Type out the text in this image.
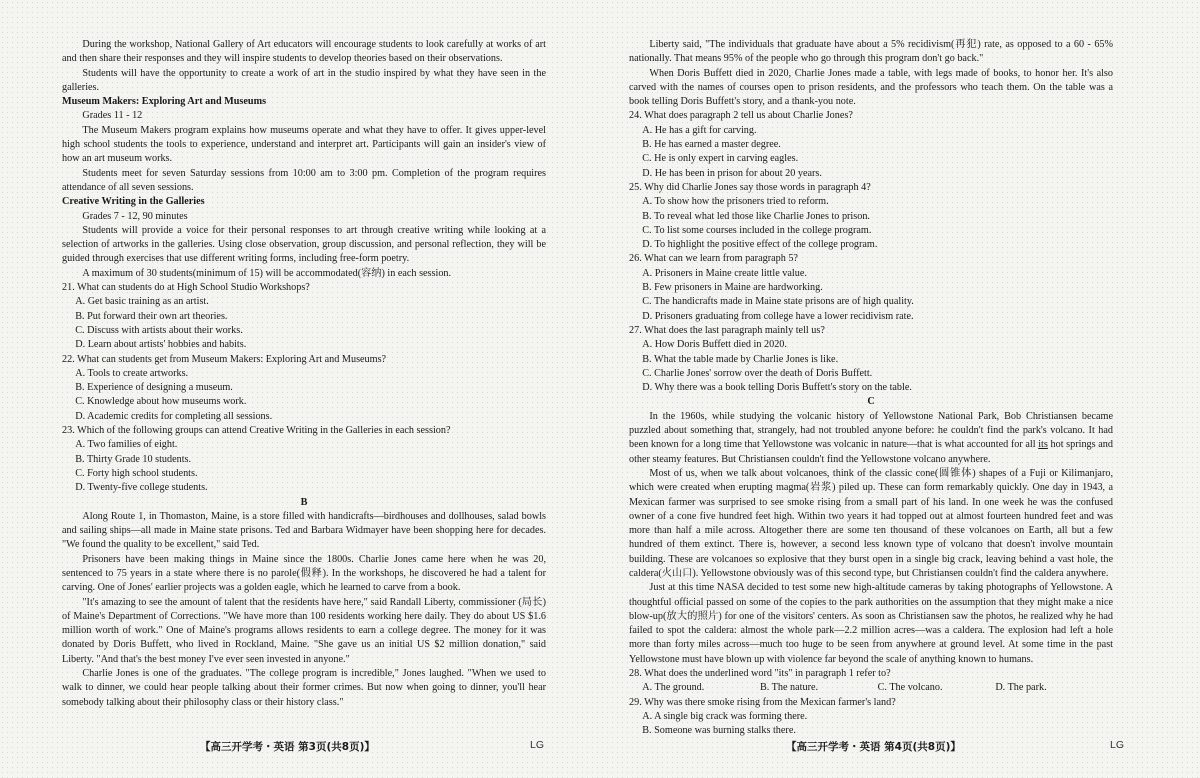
During the workshop, National Gallery of Art educators will encourage students to look carefully at works of art and then share their responses and they will inspire students to develop theories based on their observations.

Students will have the opportunity to create a work of art in the studio inspired by what they have seen in the galleries.

Museum Makers: Exploring Art and Museums

Grades 11 - 12

The Museum Makers program explains how museums operate and what they have to offer. It gives upper-level high school students the tools to experience, understand and interpret art. Participants will gain an insider's view of how an art museum works.

Students meet for seven Saturday sessions from 10:00 am to 3:00 pm. Completion of the program requires attendance of all seven sessions.

Creative Writing in the Galleries

Grades 7 - 12, 90 minutes

Students will provide a voice for their personal responses to art through creative writing while looking at a selection of artworks in the galleries. Using close observation, group discussion, and personal reflection, they will be guided through exercises that use different writing forms, including free-form poetry.

A maximum of 30 students(minimum of 15) will be accommodated(容纳) in each session.

21. What can students do at High School Studio Workshops?

A. Get basic training as an artist.

B. Put forward their own art theories.

C. Discuss with artists about their works.

D. Learn about artists' hobbies and habits.

22. What can students get from Museum Makers: Exploring Art and Museums?

A. Tools to create artworks.

B. Experience of designing a museum.

C. Knowledge about how museums work.

D. Academic credits for completing all sessions.

23. Which of the following groups can attend Creative Writing in the Galleries in each session?

A. Two families of eight.

B. Thirty Grade 10 students.

C. Forty high school students.

D. Twenty-five college students.

B

Along Route 1, in Thomaston, Maine, is a store filled with handicrafts—birdhouses and dollhouses, salad bowls and sailing ships—all made in Maine state prisons. Ted and Barbara Widmayer have been shopping here for decades. "We found the quality to be excellent," said Ted.

Prisoners have been making things in Maine since the 1800s. Charlie Jones came here when he was 20, sentenced to 75 years in a state where there is no parole(假释). In the workshops, he discovered he had a talent for carving. One of Jones' earlier projects was a golden eagle, which he learned to carve from a book.

"It's amazing to see the amount of talent that the residents have here," said Randall Liberty, commissioner (局长) of Maine's Department of Corrections. "We have more than 100 residents working here daily. They do about US $1.6 million worth of work." One of Maine's programs allows residents to earn a college degree. The money for it was donated by Doris Buffett, who lived in Rockland, Maine. "She gave us an initial US $2 million donation," said Liberty. "And that's the best money I've ever seen invested in anyone."

Charlie Jones is one of the graduates. "The college program is incredible," Jones laughed. "When we used to walk to dinner, we could hear people talking about their former crimes. But now when going to dinner, you'll hear somebody talking about their philosophy class or their history class."

【高三开学考・英语 第3页(共8页)】	LG

Liberty said, "The individuals that graduate have about a 5% recidivism(再犯) rate, as opposed to a 60 - 65% nationally. That means 95% of the people who go through this program don't go back."

When Doris Buffett died in 2020, Charlie Jones made a table, with legs made of books, to honor her. It's also carved with the names of courses open to prison residents, and the professors who teach them. On the table was a book telling Doris Buffett's story, and a thank-you note.

24. What does paragraph 2 tell us about Charlie Jones?

A. He has a gift for carving.

B. He has earned a master degree.

C. He is only expert in carving eagles.

D. He has been in prison for about 20 years.

25. Why did Charlie Jones say those words in paragraph 4?

A. To show how the prisoners tried to reform.

B. To reveal what led those like Charlie Jones to prison.

C. To list some courses included in the college program.

D. To highlight the positive effect of the college program.

26. What can we learn from paragraph 5?

A. Prisoners in Maine create little value.

B. Few prisoners in Maine are hardworking.

C. The handicrafts made in Maine state prisons are of high quality.

D. Prisoners graduating from college have a lower recidivism rate.

27. What does the last paragraph mainly tell us?

A. How Doris Buffett died in 2020.

B. What the table made by Charlie Jones is like.

C. Charlie Jones' sorrow over the death of Doris Buffett.

D. Why there was a book telling Doris Buffett's story on the table.

C

In the 1960s, while studying the volcanic history of Yellowstone National Park, Bob Christiansen became puzzled about something that, strangely, had not troubled anyone before: he couldn't find the park's volcano. It had been known for a long time that Yellowstone was volcanic in nature—that is what accounted for all its hot springs and other steamy features. But Christiansen couldn't find the Yellowstone volcano anywhere.

Most of us, when we talk about volcanoes, think of the classic cone(圆锥体) shapes of a Fuji or Kilimanjaro, which were created when erupting magma(岩浆) piled up. These can form remarkably quickly. One day in 1943, a Mexican farmer was surprised to see smoke rising from a small part of his land. In one week he was the confused owner of a cone five hundred feet high. Within two years it had topped out at almost fourteen hundred feet and was more than half a mile across. Altogether there are some ten thousand of these volcanoes on Earth, all but a few hundred of them extinct. There is, however, a second less known type of volcano that doesn't involve mountain building. These are volcanoes so explosive that they burst open in a single big crack, leaving behind a vast hole, the caldera(火山口). Yellowstone obviously was of this second type, but Christiansen couldn't find the caldera anywhere.

Just at this time NASA decided to test some new high-altitude cameras by taking photographs of Yellowstone. A thoughtful official passed on some of the copies to the park authorities on the assumption that they might make a nice blow-up(放大的照片) for one of the visitors' centers. As soon as Christiansen saw the photos, he realized why he had failed to spot the caldera: almost the whole park—2.2 million acres—was a caldera. The explosion had left a hole more than forty miles across—much too huge to be seen from anywhere at ground level. At some time in the past Yellowstone must have blown up with violence far beyond the scale of anything known to humans.

28. What does the underlined word "its" in paragraph 1 refer to?

A. The ground.	B. The nature.	C. The volcano.	D. The park.

29. Why was there smoke rising from the Mexican farmer's land?

A. A single big crack was forming there.

B. Someone was burning stalks there.

【高三开学考・英语 第4页(共8页)】	LG
